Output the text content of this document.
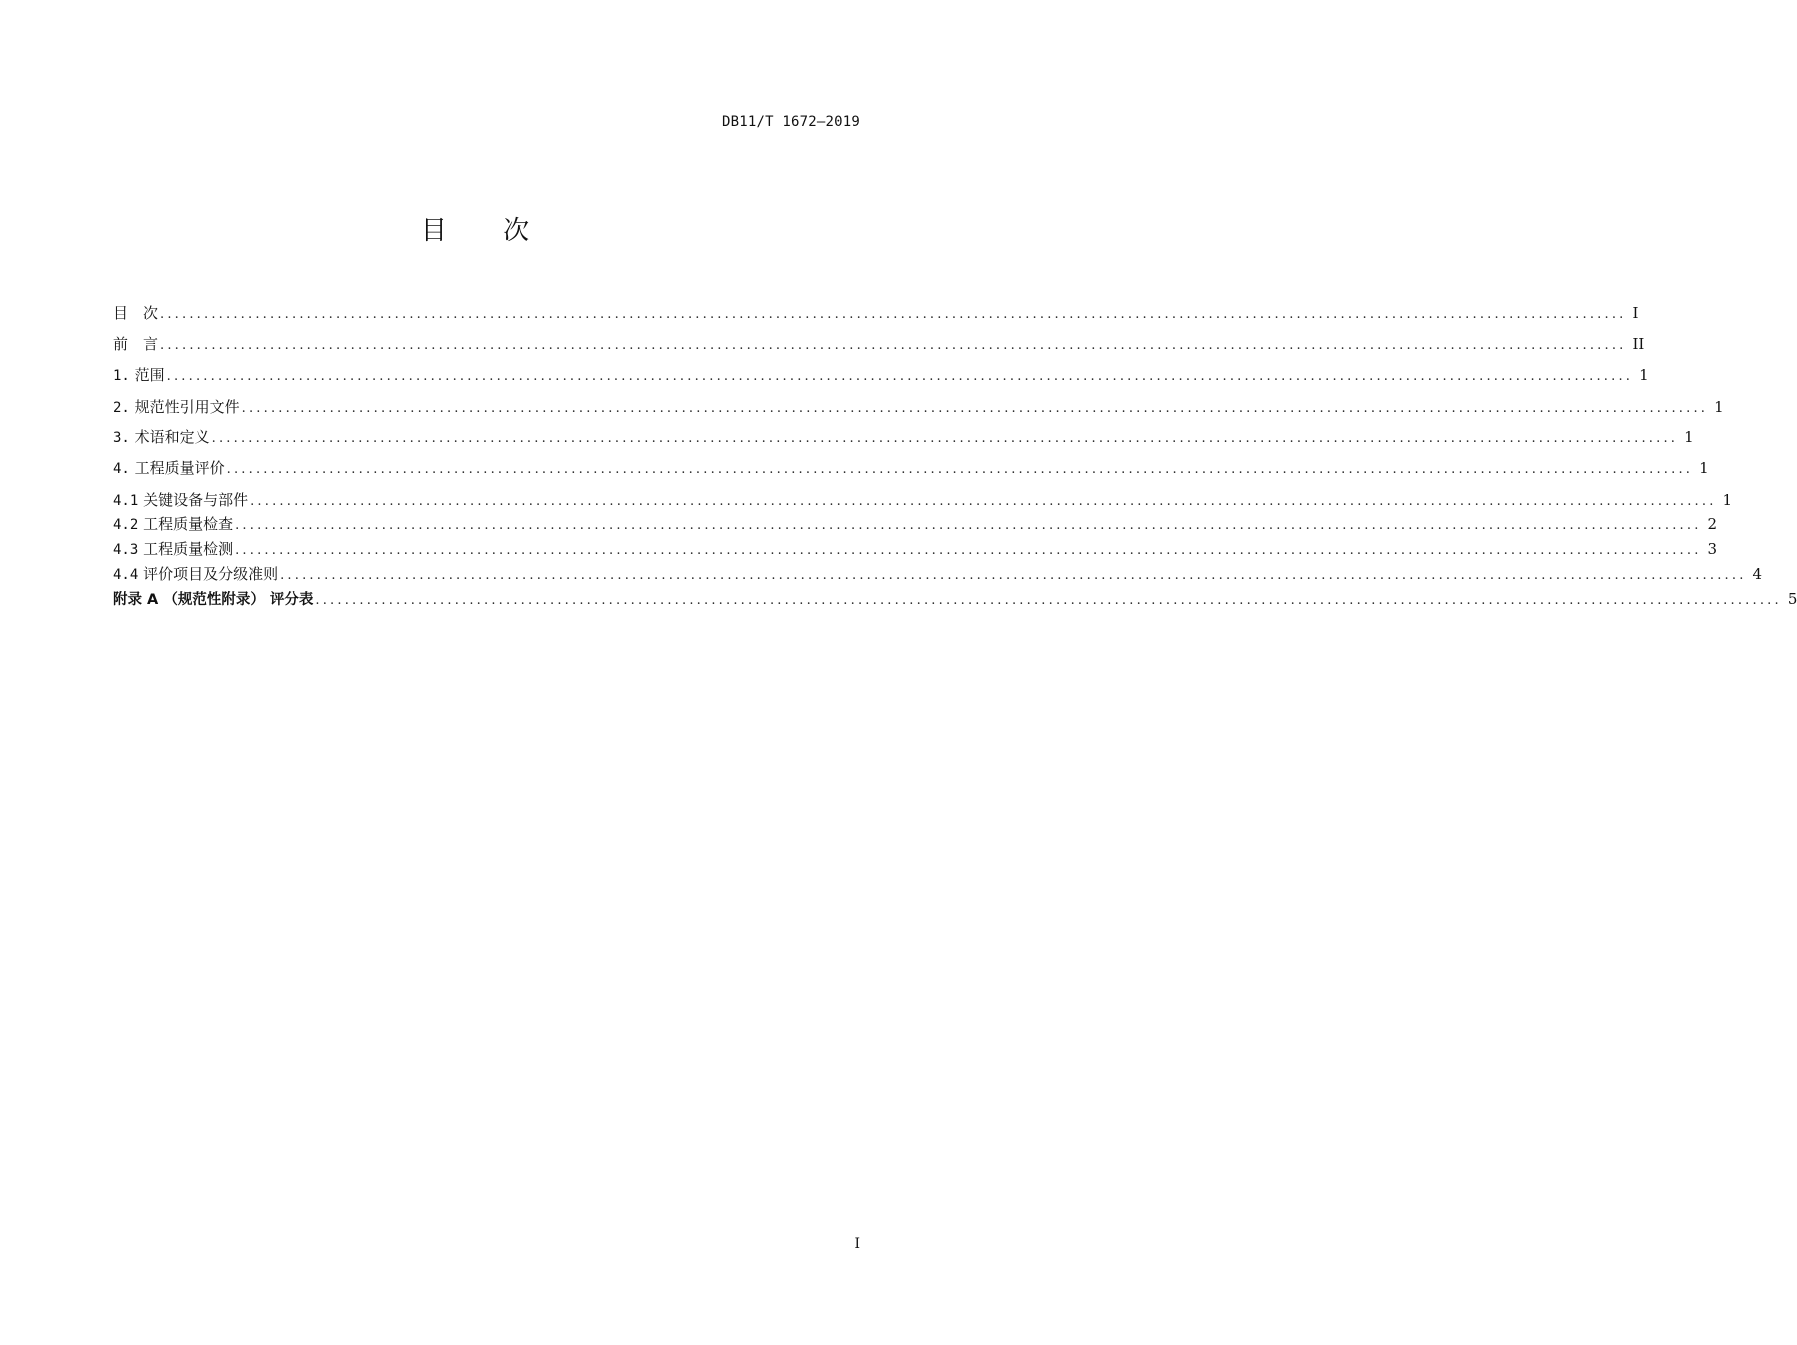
DB11/T 1672—2019
目 次
目　次 ........................................................................................................................................................................................................ I
前　言 ........................................................................................................................................................................................................ II
1. 范围 ........................................................................................................................................................................................................ 1
2. 规范性引用文件 ........................................................................................................................................................................................................ 1
3. 术语和定义 ........................................................................................................................................................................................................ 1
4. 工程质量评价 ........................................................................................................................................................................................................ 1
4.1 关键设备与部件 ........................................................................................................................................................................................................ 1
4.2 工程质量检查 ........................................................................................................................................................................................................ 2
4.3 工程质量检测 ........................................................................................................................................................................................................ 3
4.4 评价项目及分级准则 ........................................................................................................................................................................................................ 4
附录 A （规范性附录） 评分表 ........................................................................................................................................................................................................ 5
I
